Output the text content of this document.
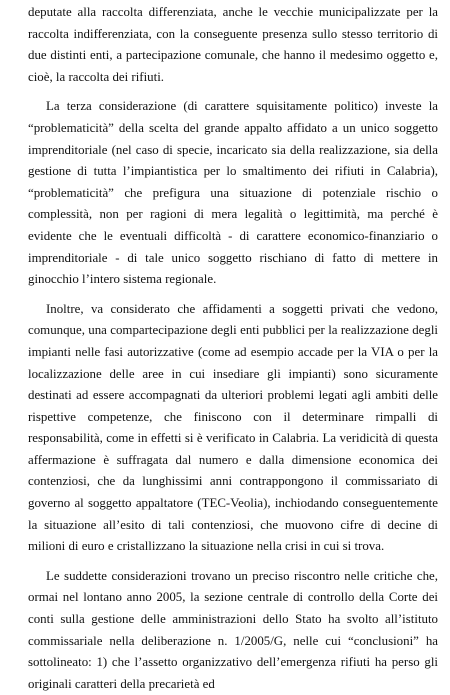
deputate alla raccolta differenziata, anche le vecchie municipalizzate per la raccolta indifferenziata, con la conseguente presenza sullo stesso territorio di due distinti enti, a partecipazione comunale, che hanno il medesimo oggetto e, cioè, la raccolta dei rifiuti.

La terza considerazione (di carattere squisitamente politico) investe la “problematicità” della scelta del grande appalto affidato a un unico soggetto imprenditoriale (nel caso di specie, incaricato sia della realizzazione, sia della gestione di tutta l’impiantistica per lo smaltimento dei rifiuti in Calabria), “problematicità” che prefigura una situazione di potenziale rischio o complessità, non per ragioni di mera legalità o legittimità, ma perché è evidente che le eventuali difficoltà - di carattere economico-finanziario o imprenditoriale - di tale unico soggetto rischiano di fatto di mettere in ginocchio l’intero sistema regionale.

Inoltre, va considerato che affidamenti a soggetti privati che vedono, comunque, una compartecipazione degli enti pubblici per la realizzazione degli impianti nelle fasi autorizzative (come ad esempio accade per la VIA o per la localizzazione delle aree in cui insediare gli impianti) sono sicuramente destinati ad essere accompagnati da ulteriori problemi legati agli ambiti delle rispettive competenze, che finiscono con il determinare rimpalli di responsabilità, come in effetti si è verificato in Calabria. La veridicità di questa affermazione è suffragata dal numero e dalla dimensione economica dei contenziosi, che da lunghissimi anni contrappongono il commissariato di governo al soggetto appaltatore (TEC-Veolia), inchiodando conseguentemente la situazione all’esito di tali contenziosi, che muovono cifre di decine di milioni di euro e cristallizzano la situazione nella crisi in cui si trova.

Le suddette considerazioni trovano un preciso riscontro nelle critiche che, ormai nel lontano anno 2005, la sezione centrale di controllo della Corte dei conti sulla gestione delle amministrazioni dello Stato ha svolto all’istituto commissariale nella deliberazione n. 1/2005/G, nelle cui “conclusioni” ha sottolineato: 1) che l’assetto organizzativo dell’emergenza rifiuti ha perso gli originali caratteri della precarietà ed
